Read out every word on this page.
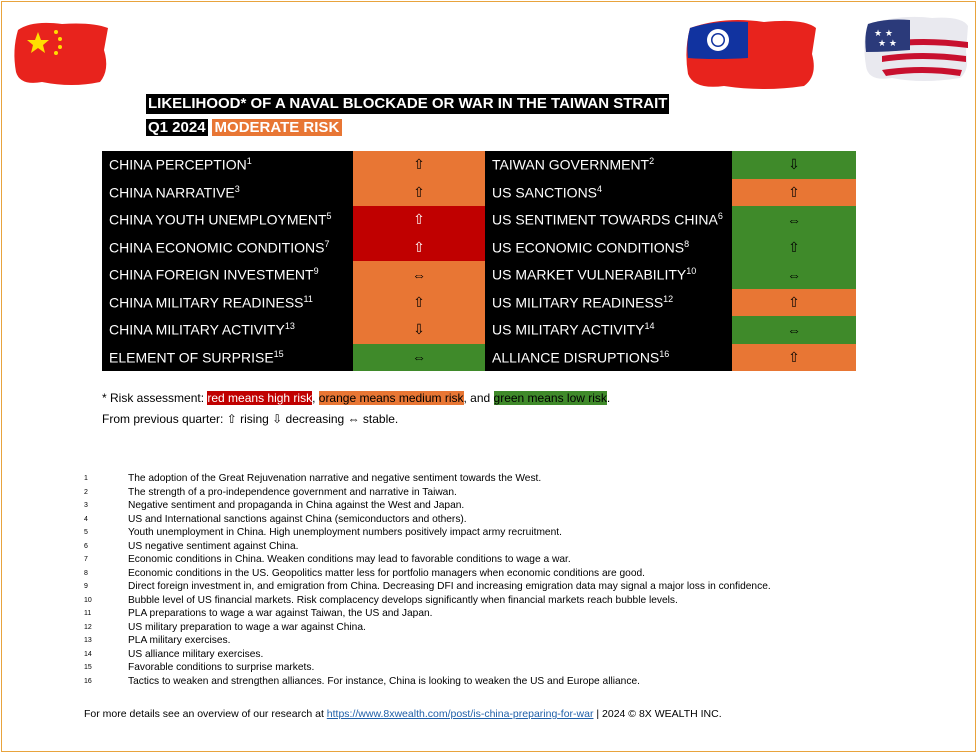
★ ★
★ ★
LIKELIHOOD* OF A NAVAL BLOCKADE OR WAR IN THE TAIWAN STRAIT
Q1 2024 MODERATE RISK
CHINA PERCEPTION$^1$	⇧	TAIWAN GOVERNMENT$^2$	⇩
CHINA NARRATIVE$^3$	⇧	US SANCTIONS$^4$	⇧
CHINA YOUTH UNEMPLOYMENT$^5$	⇧	US SENTIMENT TOWARDS CHINA$^6$	⇔
CHINA ECONOMIC CONDITIONS$^7$	⇧	US ECONOMIC CONDITIONS$^8$	⇧
CHINA FOREIGN INVESTMENT$^9$	⇔	US MARKET VULNERABILITY$^{10}$	⇔
CHINA MILITARY READINESS$^{11}$	⇧	US MILITARY READINESS$^{12}$	⇧
CHINA MILITARY ACTIVITY$^{13}$	⇩	US MILITARY ACTIVITY$^{14}$	⇔
ELEMENT OF SURPRISE$^{15}$	⇔	ALLIANCE DISRUPTIONS$^{16}$	⇧
* Risk assessment: red means high risk, orange means medium risk, and green means low risk.
From previous quarter: ⇧ rising ⇩ decreasing ⇔ stable.
1	The adoption of the Great Rejuvenation narrative and negative sentiment towards the West.
2	The strength of a pro-independence government and narrative in Taiwan.
3	Negative sentiment and propaganda in China against the West and Japan.
4	US and International sanctions against China (semiconductors and others).
5	Youth unemployment in China. High unemployment numbers positively impact army recruitment.
6	US negative sentiment against China.
7	Economic conditions in China. Weaken conditions may lead to favorable conditions to wage a war.
8	Economic conditions in the US. Geopolitics matter less for portfolio managers when economic conditions are good.
9	Direct foreign investment in, and emigration from China. Decreasing DFI and increasing emigration data may signal a major loss in confidence.
10	Bubble level of US financial markets. Risk complacency develops significantly when financial markets reach bubble levels.
11	PLA preparations to wage a war against Taiwan, the US and Japan.
12	US military preparation to wage a war against China.
13	PLA military exercises.
14	US alliance military exercises.
15	Favorable conditions to surprise markets.
16	Tactics to weaken and strengthen alliances. For instance, China is looking to weaken the US and Europe alliance.
For more details see an overview of our research at https://www.8xwealth.com/post/is-china-preparing-for-war | 2024 © 8X WEALTH INC.
